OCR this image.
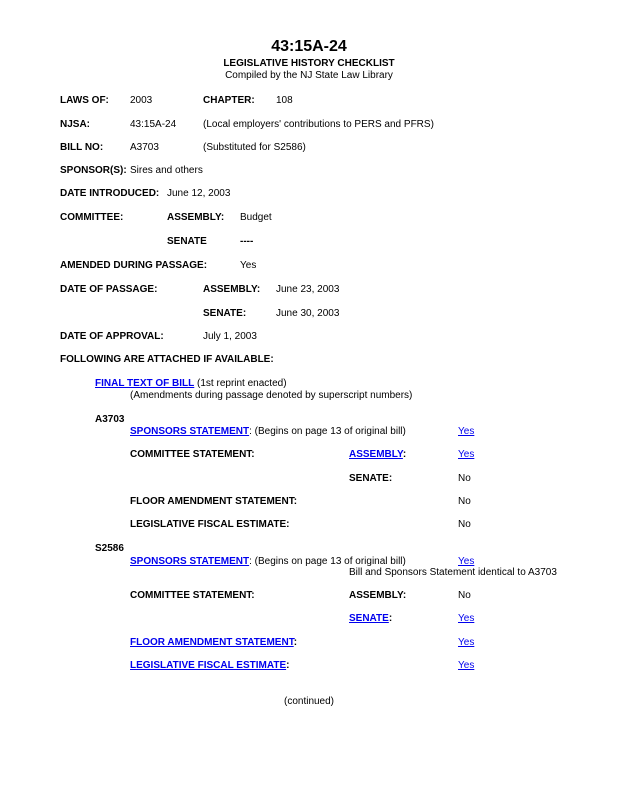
43:15A-24
LEGISLATIVE HISTORY CHECKLIST
Compiled by the NJ State Law Library
LAWS OF: 2003	CHAPTER: 108
NJSA:	43:15A-24	(Local employers' contributions to PERS and PFRS)
BILL NO:	A3703	(Substituted for S2586)
SPONSOR(S): Sires and others
DATE INTRODUCED: June 12, 2003
COMMITTEE:	ASSEMBLY: Budget
SENATE	----
AMENDED DURING PASSAGE:	Yes
DATE OF PASSAGE:	ASSEMBLY: June 23, 2003
SENATE:	June 30, 2003
DATE OF APPROVAL:	July 1, 2003
FOLLOWING ARE ATTACHED IF AVAILABLE:
FINAL TEXT OF BILL (1st reprint enacted)
(Amendments during passage denoted by superscript numbers)
A3703
SPONSORS STATEMENT: (Begins on page 13 of original bill)	Yes
COMMITTEE STATEMENT:	ASSEMBLY:	Yes
SENATE:	No
FLOOR AMENDMENT STATEMENT:	No
LEGISLATIVE FISCAL ESTIMATE:	No
S2586
SPONSORS STATEMENT: (Begins on page 13 of original bill)	Yes
Bill and Sponsors Statement identical to A3703
COMMITTEE STATEMENT:	ASSEMBLY:	No
SENATE:	Yes
FLOOR AMENDMENT STATEMENT:	Yes
LEGISLATIVE FISCAL ESTIMATE:	Yes
(continued)
